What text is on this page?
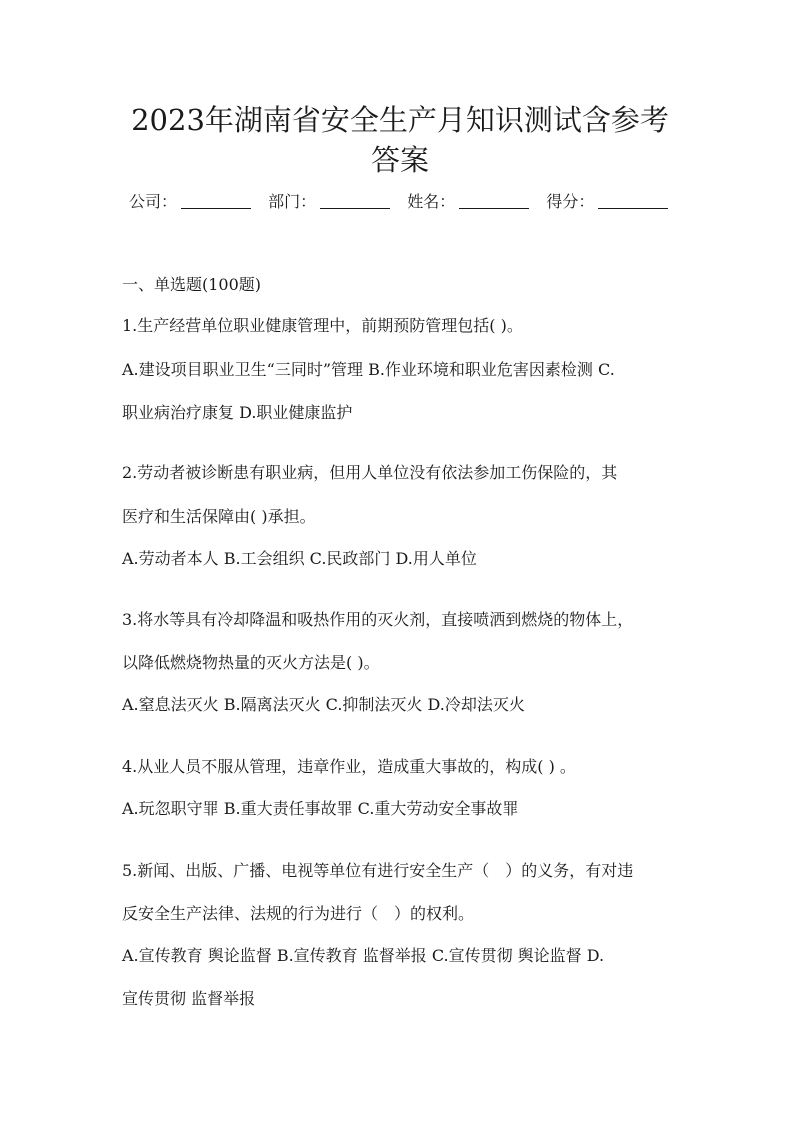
2023年湖南省安全生产月知识测试含参考
答案
公司：	部门：	姓名：	得分：
一、单选题(100题)
1.生产经营单位职业健康管理中，前期预防管理包括( )。
A.建设项目职业卫生“三同时”管理 B.作业环境和职业危害因素检测 C.
职业病治疗康复 D.职业健康监护
2.劳动者被诊断患有职业病，但用人单位没有依法参加工伤保险的，其
医疗和生活保障由( )承担。
A.劳动者本人 B.工会组织 C.民政部门 D.用人单位
3.将水等具有冷却降温和吸热作用的灭火剂，直接喷洒到燃烧的物体上，
以降低燃烧物热量的灭火方法是( )。
A.窒息法灭火 B.隔离法灭火 C.抑制法灭火 D.冷却法灭火
4.从业人员不服从管理，违章作业，造成重大事故的，构成( ) 。
A.玩忽职守罪 B.重大责任事故罪 C.重大劳动安全事故罪
5.新闻、出版、广播、电视等单位有进行安全生产（　）的义务，有对违
反安全生产法律、法规的行为进行（　）的权利。
A.宣传教育 舆论监督 B.宣传教育 监督举报 C.宣传贯彻 舆论监督 D.
宣传贯彻 监督举报
